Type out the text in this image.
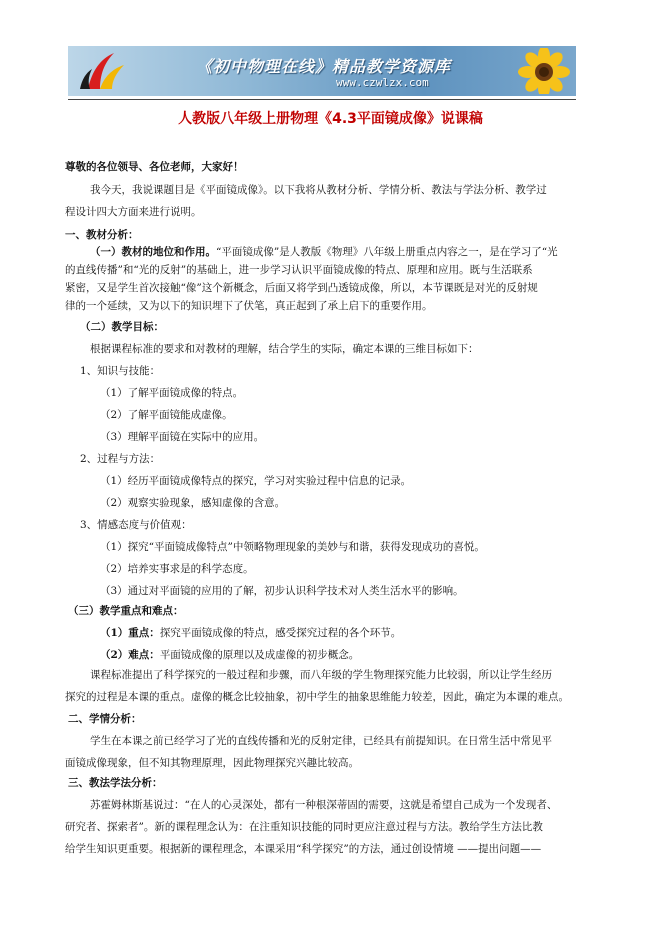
《初中物理在线》精品教学资源库
www.czwlzx.com
人教版八年级上册物理《4.3平面镜成像》说课稿
尊敬的各位领导、各位老师，大家好！
我今天，我说课题目是《平面镜成像》。以下我将从教材分析、学情分析、教法与学法分析、教学过
程设计四大方面来进行说明。
一、教材分析：
（一）教材的地位和作用。“平面镜成像”是人教版《物理》八年级上册重点内容之一，是在学习了“光
的直线传播”和“光的反射”的基础上，进一步学习认识平面镜成像的特点、原理和应用。既与生活联系
紧密，又是学生首次接触“像”这个新概念，后面又将学到凸透镜成像，所以，本节课既是对光的反射规
律的一个延续，又为以下的知识埋下了伏笔，真正起到了承上启下的重要作用。
（二）教学目标：
根据课程标准的要求和对教材的理解，结合学生的实际，确定本课的三维目标如下：
1、知识与技能：
（1）了解平面镜成像的特点。
（2）了解平面镜能成虚像。
（3）理解平面镜在实际中的应用。
2、过程与方法：
（1）经历平面镜成像特点的探究，学习对实验过程中信息的记录。
（2）观察实验现象，感知虚像的含意。
3、情感态度与价值观：
（1）探究“平面镜成像特点”中领略物理现象的美妙与和谐，获得发现成功的喜悦。
（2）培养实事求是的科学态度。
（3）通过对平面镜的应用的了解，初步认识科学技术对人类生活水平的影响。
（三）教学重点和难点：
（1）重点：探究平面镜成像的特点，感受探究过程的各个环节。
（2）难点：平面镜成像的原理以及成虚像的初步概念。
课程标准提出了科学探究的一般过程和步骤，而八年级的学生物理探究能力比较弱，所以让学生经历
探究的过程是本课的重点。虚像的概念比较抽象，初中学生的抽象思维能力较差，因此，确定为本课的难点。
二、学情分析：
学生在本课之前已经学习了光的直线传播和光的反射定律，已经具有前提知识。在日常生活中常见平
面镜成像现象，但不知其物理原理，因此物理探究兴趣比较高。
三、教法学法分析：
苏霍姆林斯基说过：“在人的心灵深处，都有一种根深蒂固的需要，这就是希望自己成为一个发现者、
研究者、探索者”。新的课程理念认为：在注重知识技能的同时更应注意过程与方法。教给学生方法比教
给学生知识更重要。根据新的课程理念，本课采用“科学探究”的方法，通过创设情境 ——提出问题——
